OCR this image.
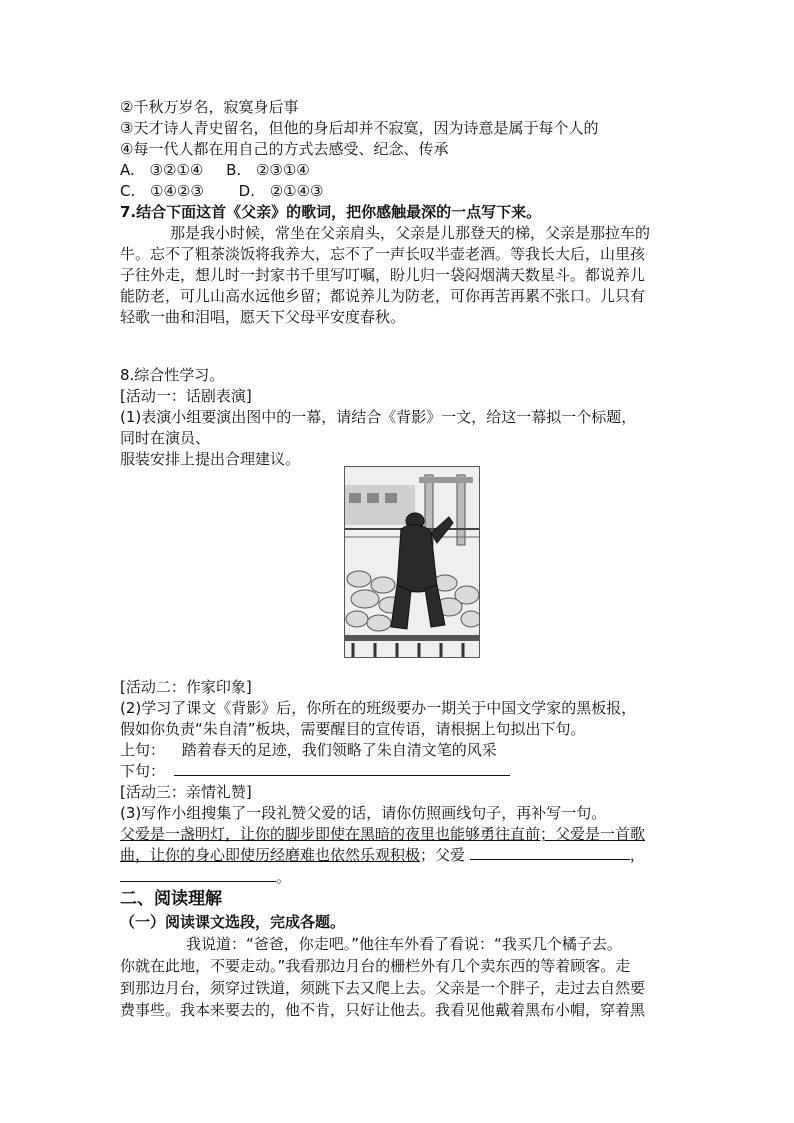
②千秋万岁名，寂寞身后事
③天才诗人青史留名，但他的身后却并不寂寞，因为诗意是属于每个人的
④每一代人都在用自己的方式去感受、纪念、传承
A. ③②①④ B. ②③①④
C. ①④②③ D. ②①④③
7.结合下面这首《父亲》的歌词，把你感触最深的一点写下来。
那是我小时候，常坐在父亲肩头，父亲是儿那登天的梯，父亲是那拉车的
牛。忘不了粗茶淡饭将我养大，忘不了一声长叹半壶老酒。等我长大后，山里孩
子往外走，想儿时一封家书千里写叮嘱，盼儿归一袋闷烟满天数星斗。都说养儿
能防老，可儿山高水远他乡留；都说养儿为防老，可你再苦再累不张口。儿只有
轻歌一曲和泪唱，愿天下父母平安度春秋。
8.综合性学习。
[活动一：话剧表演]
(1)表演小组要演出图中的一幕，请结合《背影》一文，给这一幕拟一个标题，
同时在演员、
服装安排上提出合理建议。
[活动二：作家印象]
(2)学习了课文《背影》后，你所在的班级要办一期关于中国文学家的黑板报，
假如你负责“朱自清”板块，需要醒目的宣传语，请根据上句拟出下句。
上句： 踏着春天的足迹，我们领略了朱自清文笔的风采
下句：
[活动三：亲情礼赞]
(3)写作小组搜集了一段礼赞父爱的话，请你仿照画线句子，再补写一句。
父爱是一盏明灯，让你的脚步即使在黑暗的夜里也能够勇往直前；父爱是一首歌
曲，让你的身心即使历经磨难也依然乐观积极；父爱	，
。
二、阅读理解
（一）阅读课文选段，完成各题。
我说道：“爸爸，你走吧。”他往车外看了看说：“我买几个橘子去。
你就在此地，不要走动。”我看那边月台的栅栏外有几个卖东西的等着顾客。走
到那边月台，须穿过铁道，须跳下去又爬上去。父亲是一个胖子，走过去自然要
费事些。我本来要去的，他不肯，只好让他去。我看见他戴着黑布小帽，穿着黑
